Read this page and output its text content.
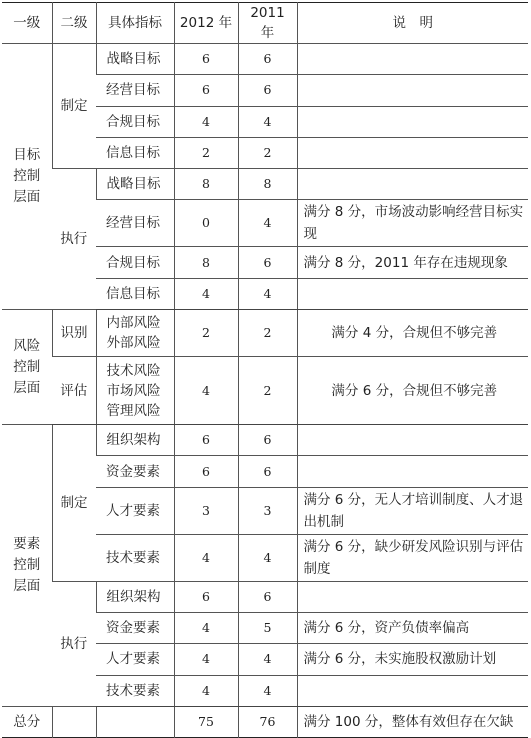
一级	二级	具体指标	2012 年	2011 年	说　明
目标控制层面	制定	战略目标	6	6	
		经营目标	6	6	
		合规目标	4	4	
		信息目标	2	2	
	执行	战略目标	8	8	
		经营目标	0	4	满分 8 分，市场波动影响经营目标实现
		合规目标	8	6	满分 8 分，2011 年存在违规现象
		信息目标	4	4	
风险控制层面	识别	内部风险外部风险	2	2	满分 4 分，合规但不够完善
	评估	技术风险市场风险管理风险	4	2	满分 6 分，合规但不够完善
要素控制层面	制定	组织架构	6	6	
		资金要素	6	6	
		人才要素	3	3	满分 6 分，无人才培训制度、人才退出机制
		技术要素	4	4	满分 6 分，缺少研发风险识别与评估制度
	执行	组织架构	6	6	
		资金要素	4	5	满分 6 分，资产负债率偏高
		人才要素	4	4	满分 6 分，未实施股权激励计划
		技术要素	4	4	
总分			75	76	满分 100 分，整体有效但存在欠缺
